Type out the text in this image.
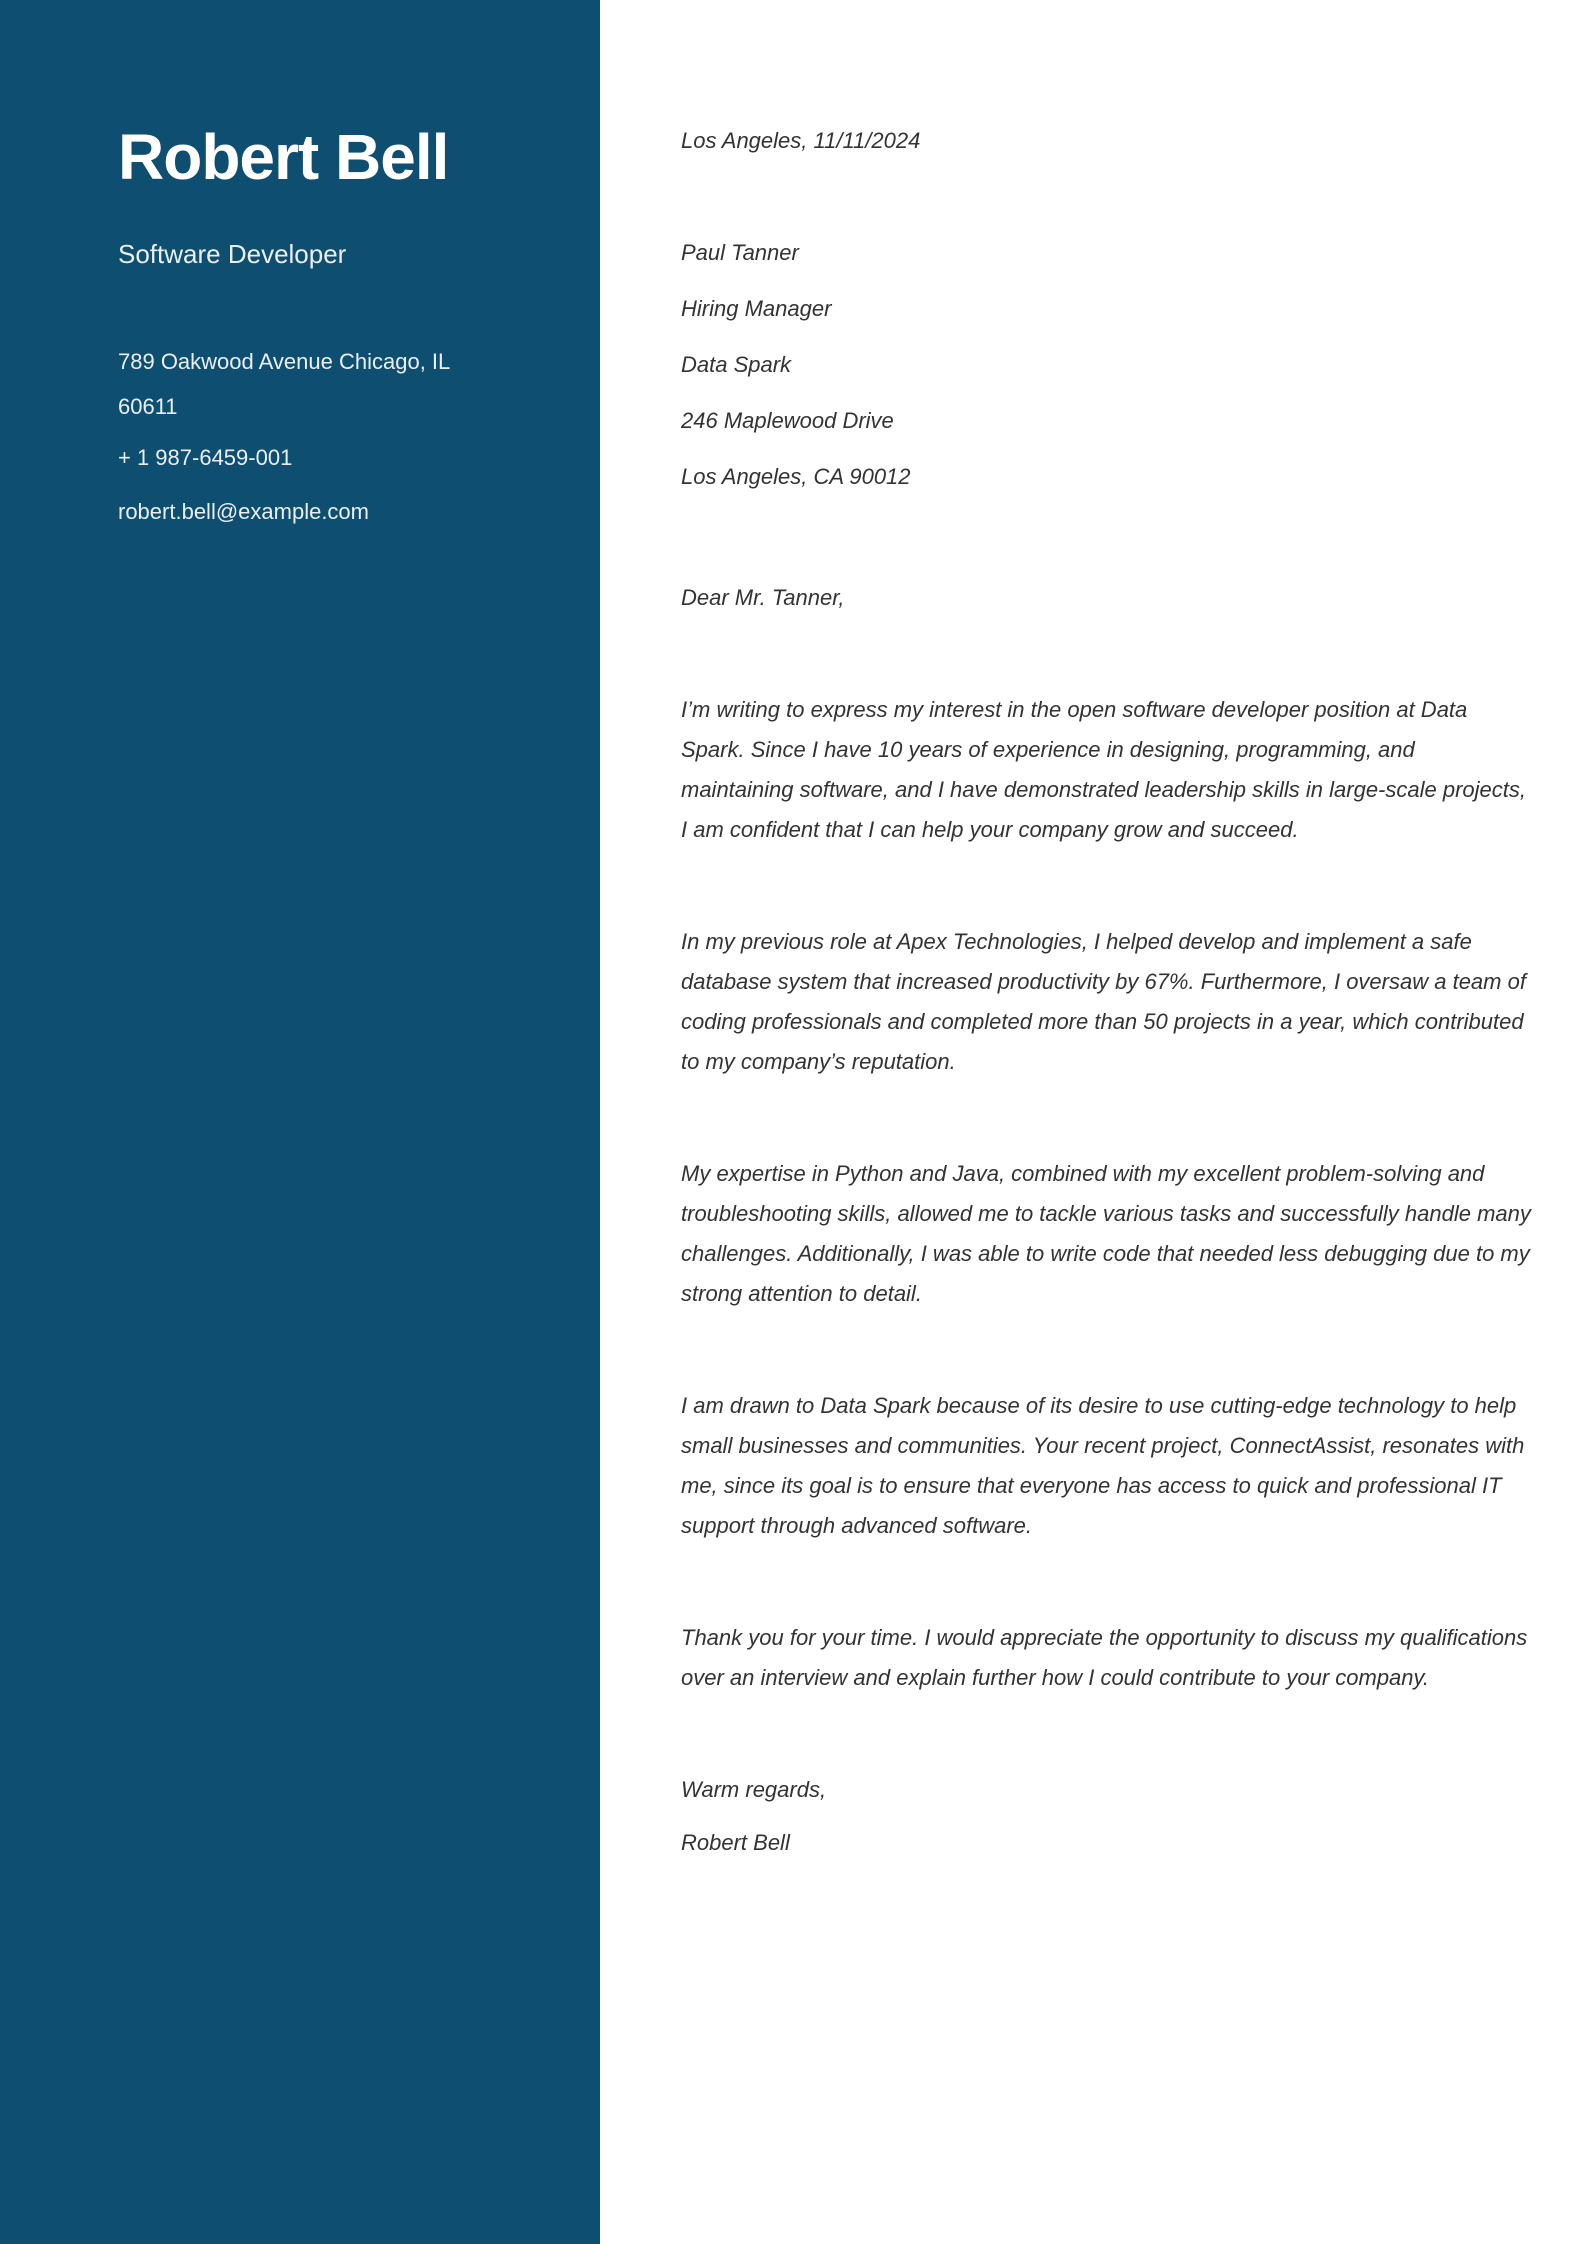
Robert Bell
Software Developer
789 Oakwood Avenue Chicago, IL
60611

+ 1 987-6459-001

robert.bell@example.com

Los Angeles, 11/11/2024

Paul Tanner

Hiring Manager

Data Spark

246 Maplewood Drive

Los Angeles, CA 90012

Dear Mr. Tanner,

I’m writing to express my interest in the open software developer position at Data Spark. Since I have 10 years of experience in designing, programming, and maintaining software, and I have demonstrated leadership skills in large-scale projects, I am confident that I can help your company grow and succeed.

In my previous role at Apex Technologies, I helped develop and implement a safe database system that increased productivity by 67%. Furthermore, I oversaw a team of coding professionals and completed more than 50 projects in a year, which contributed to my company’s reputation.

My expertise in Python and Java, combined with my excellent problem-solving and troubleshooting skills, allowed me to tackle various tasks and successfully handle many challenges. Additionally, I was able to write code that needed less debugging due to my strong attention to detail.

I am drawn to Data Spark because of its desire to use cutting-edge technology to help small businesses and communities. Your recent project, ConnectAssist, resonates with me, since its goal is to ensure that everyone has access to quick and professional IT support through advanced software.

Thank you for your time. I would appreciate the opportunity to discuss my qualifications over an interview and explain further how I could contribute to your company.

Warm regards,

Robert Bell
